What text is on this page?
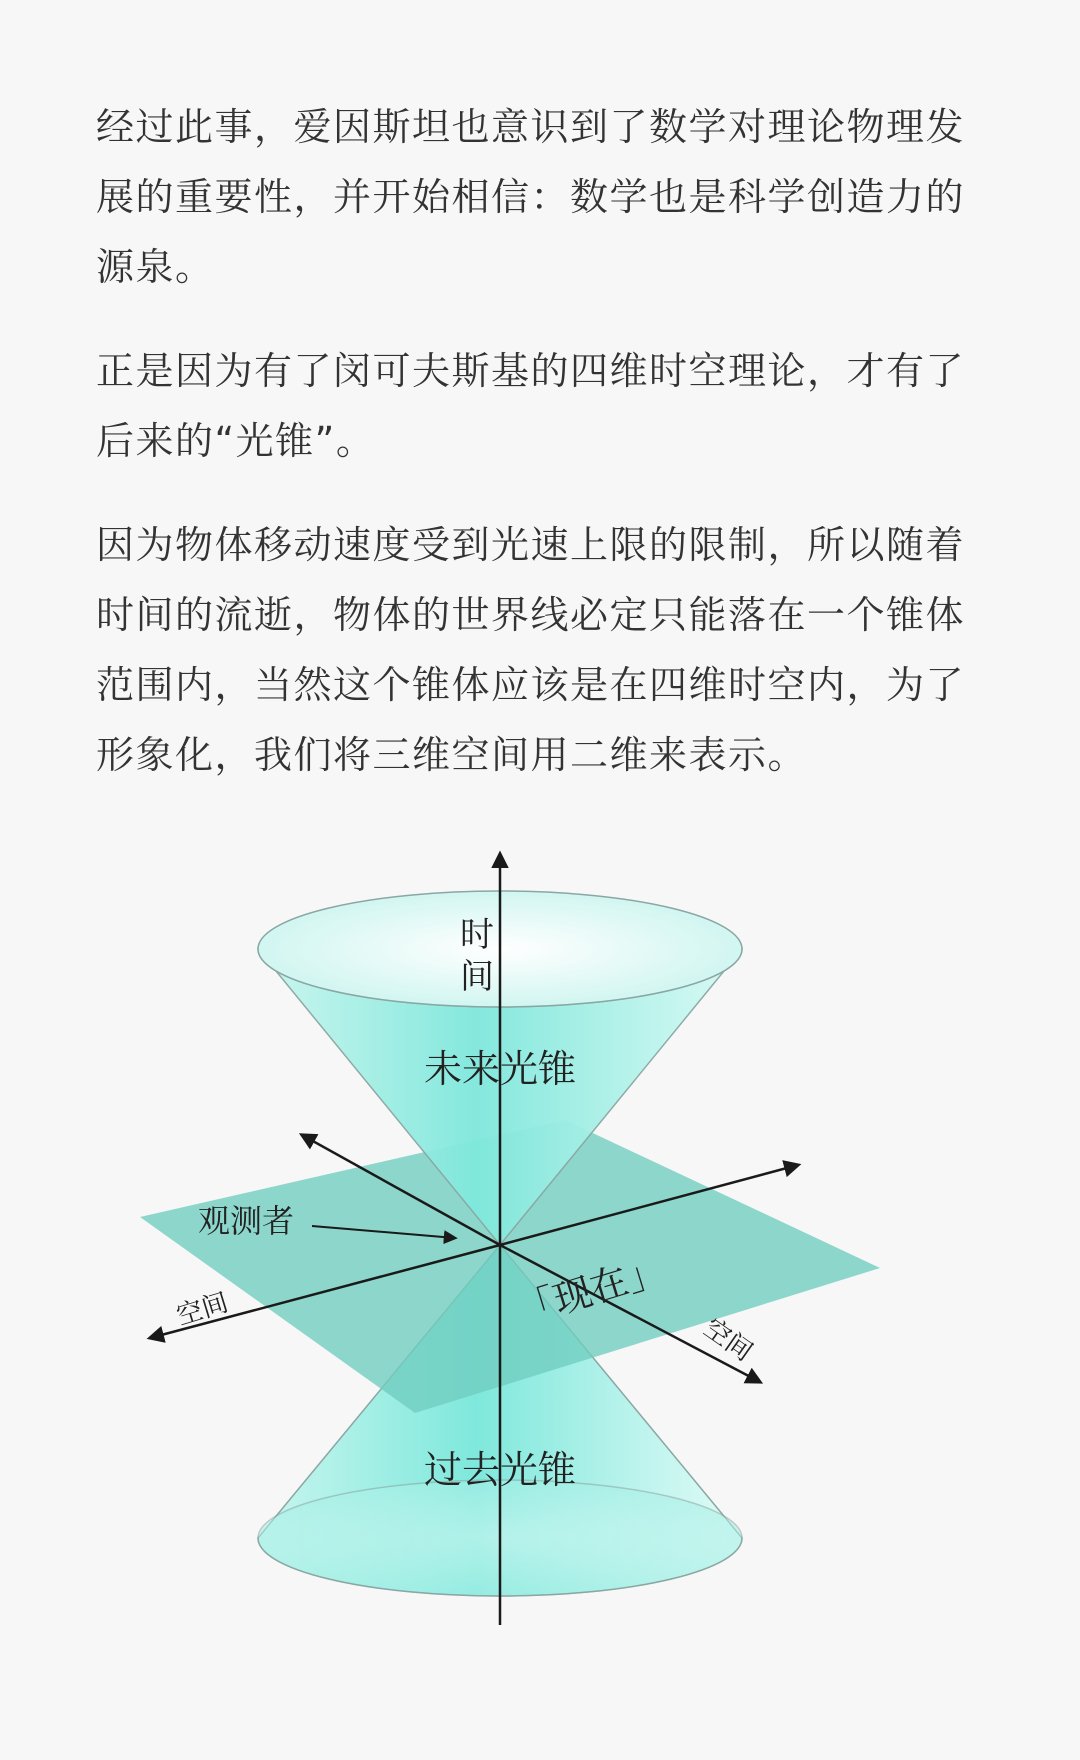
经过此事，爱因斯坦也意识到了数学对理论物理发
展的重要性，并开始相信：数学也是科学创造力的
源泉。

正是因为有了闵可夫斯基的四维时空理论，才有了
后来的“光锥”。

因为物体移动速度受到光速上限的限制，所以随着
时间的流逝，物体的世界线必定只能落在一个锥体
范围内，当然这个锥体应该是在四维时空内，为了
形象化，我们将三维空间用二维来表示。

时
间
未来光锥
过去光锥
观测者
「现在」
空间
空间
